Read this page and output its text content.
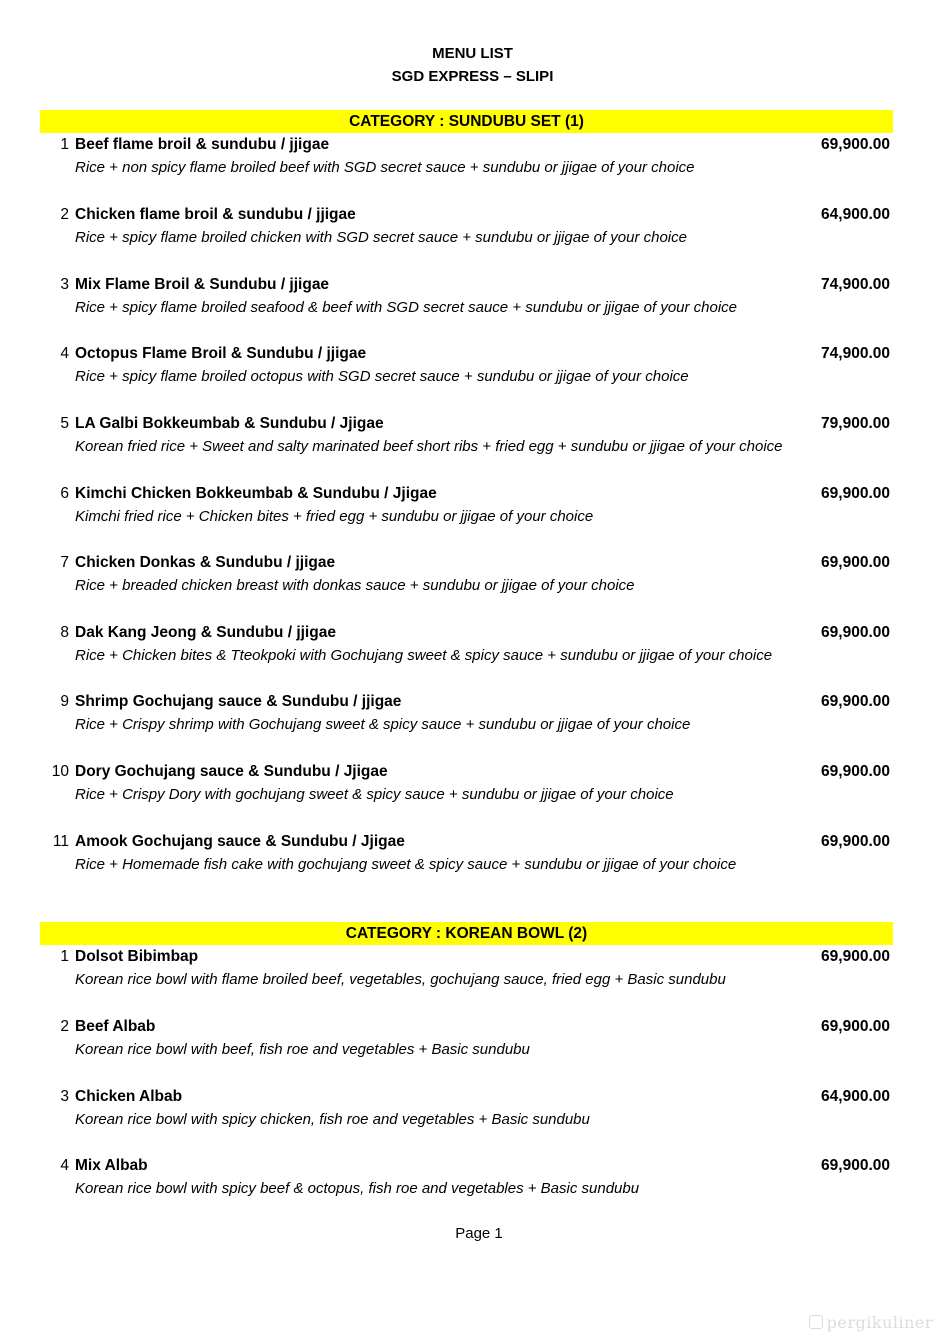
MENU LIST
SGD EXPRESS – SLIPI
CATEGORY : SUNDUBU SET (1)
1 Beef flame broil & sundubu / jjigae	69,900.00
Rice + non spicy flame broiled beef with SGD secret sauce + sundubu or jjigae of your choice
2 Chicken flame broil & sundubu / jjigae	64,900.00
Rice + spicy flame broiled chicken with SGD secret sauce + sundubu or jjigae of your choice
3 Mix Flame Broil & Sundubu / jjigae	74,900.00
Rice + spicy flame broiled seafood & beef with SGD secret sauce + sundubu or jjigae of your choice
4 Octopus Flame Broil & Sundubu / jjigae	74,900.00
Rice + spicy flame broiled octopus with SGD secret sauce + sundubu or jjigae of your choice
5 LA Galbi Bokkeumbab & Sundubu / Jjigae	79,900.00
Korean fried rice + Sweet and salty marinated beef short ribs + fried egg + sundubu or jjigae of your choice
6 Kimchi Chicken Bokkeumbab & Sundubu / Jjigae	69,900.00
Kimchi fried rice + Chicken bites + fried egg + sundubu or jjigae of your choice
7 Chicken Donkas & Sundubu / jjigae	69,900.00
Rice + breaded chicken breast with donkas sauce + sundubu or jjigae of your choice
8 Dak Kang Jeong & Sundubu / jjigae	69,900.00
Rice + Chicken bites & Tteokpoki with Gochujang sweet & spicy sauce + sundubu or jjigae of your choice
9 Shrimp Gochujang sauce & Sundubu / jjigae	69,900.00
Rice + Crispy shrimp with Gochujang sweet & spicy sauce + sundubu or jjigae of your choice
10 Dory Gochujang sauce & Sundubu / Jjigae	69,900.00
Rice + Crispy Dory with gochujang sweet & spicy sauce + sundubu or jjigae of your choice
11 Amook Gochujang sauce & Sundubu / Jjigae	69,900.00
Rice + Homemade fish cake with gochujang sweet & spicy sauce + sundubu or jjigae of your choice
CATEGORY : KOREAN BOWL (2)
1 Dolsot Bibimbap	69,900.00
Korean rice bowl with flame broiled beef, vegetables, gochujang sauce, fried egg + Basic sundubu
2 Beef Albab	69,900.00
Korean rice bowl with beef, fish roe and vegetables + Basic sundubu
3 Chicken Albab	64,900.00
Korean rice bowl with spicy chicken, fish roe and vegetables + Basic sundubu
4 Mix Albab	69,900.00
Korean rice bowl with spicy beef & octopus, fish roe and vegetables + Basic sundubu
Page 1
pergikuliner
